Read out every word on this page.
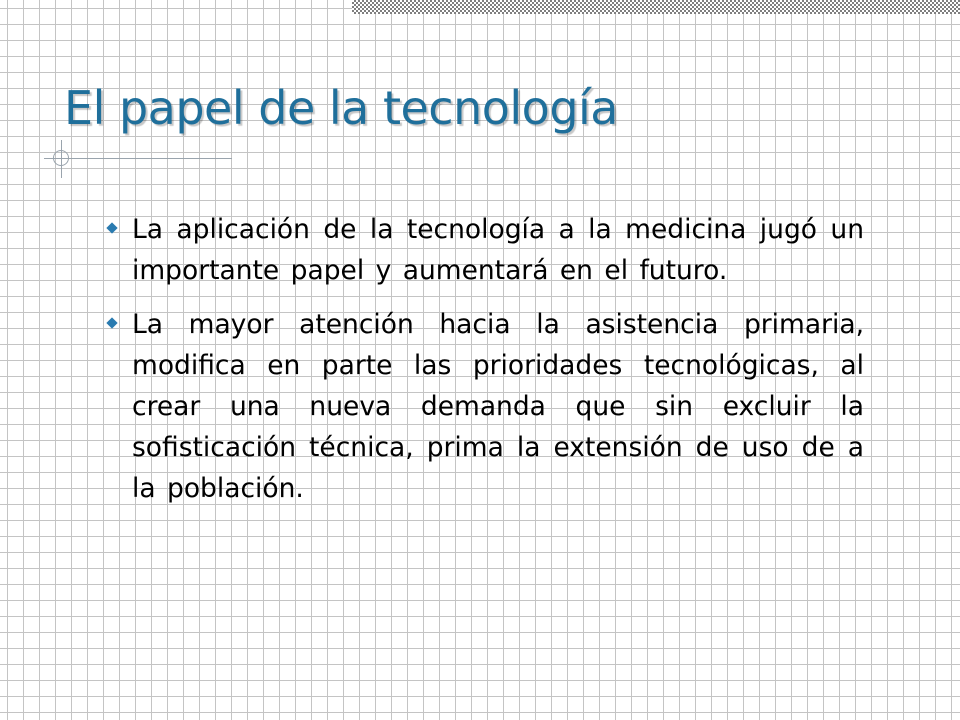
El papel de la tecnología
La aplicación de la tecnología a la medicina jugó un importante papel y aumentará en el futuro.
La mayor atención hacia la asistencia primaria, modifica en parte las prioridades tecnológicas, al crear una nueva demanda que sin excluir la sofisticación técnica, prima la extensión de uso de a la población.
